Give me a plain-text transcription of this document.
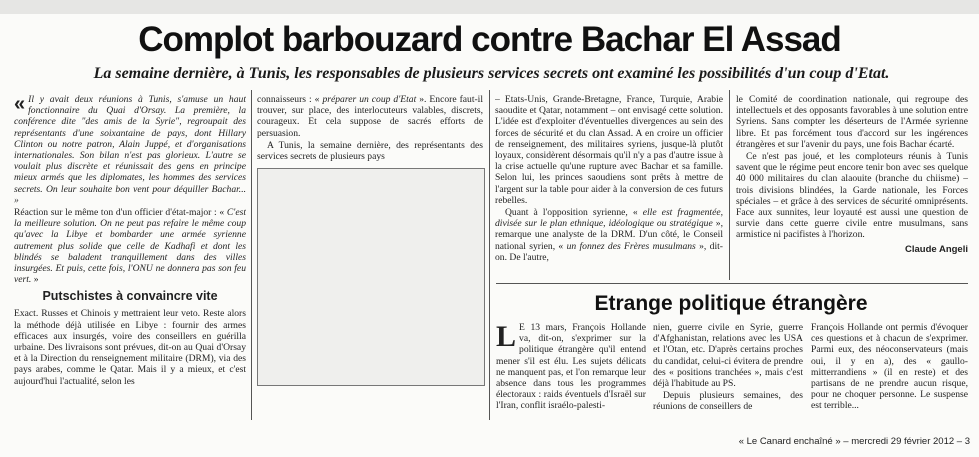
Complot barbouzard contre Bachar El Assad
La semaine dernière, à Tunis, les responsables de plusieurs services secrets ont examiné les possibilités d'un coup d'Etat.

« Il y avait deux réunions à Tunis, s'amuse un haut fonctionnaire du Quai d'Orsay. La première, la conférence dite "des amis de la Syrie", regroupait des représentants d'une soixantaine de pays, dont Hillary Clinton ou notre patron, Alain Juppé, et d'organisations internationales. Son bilan n'est pas glorieux. L'autre se voulait plus discrète et réunissait des gens en principe mieux armés que les diplomates, les hommes des services secrets. On leur souhaite bon vent pour déquiller Bachar... »

Réaction sur le même ton d'un officier d'état-major : « C'est la meilleure solution. On ne peut pas refaire le même coup qu'avec la Libye et bombarder une armée syrienne autrement plus solide que celle de Kadhafi et dont les blindés se baladent tranquillement dans des villes insurgées. Et puis, cette fois, l'ONU ne donnera pas son feu vert. »

Putschistes à convaincre vite

Exact. Russes et Chinois y mettraient leur veto. Reste alors la méthode déjà utilisée en Libye : fournir des armes efficaces aux insurgés, voire des conseillers en guérilla urbaine. Des livraisons sont prévues, dit-on au Quai d'Orsay et à la Direction du renseignement militaire (DRM), via des pays arabes, comme le Qatar. Mais il y a mieux, et c'est aujourd'hui l'actualité, selon les

connaisseurs : « préparer un coup d'Etat ». Encore faut-il trouver, sur place, des interlocuteurs valables, discrets, courageux. Et cela suppose de sacrés efforts de persuasion.

A Tunis, la semaine dernière, des représentants des services secrets de plusieurs pays

– Etats-Unis, Grande-Bretagne, France, Turquie, Arabie saoudite et Qatar, notamment – ont envisagé cette solution. L'idée est d'exploiter d'éventuelles divergences au sein des forces de sécurité et du clan Assad. A en croire un officier de renseignement, des militaires syriens, jusque-là plutôt loyaux, considèrent désormais qu'il n'y a pas d'autre issue à la crise actuelle qu'une rupture avec Bachar et sa famille. Selon lui, les princes saoudiens sont prêts à mettre de l'argent sur la table pour aider à la conversion de ces futurs rebelles.

Quant à l'opposition syrienne, « elle est fragmentée, divisée sur le plan ethnique, idéologique ou stratégique », remarque une analyste de la DRM. D'un côté, le Conseil national syrien, « un fonnez des Frères musulmans », dit-on. De l'autre,

le Comité de coordination nationale, qui regroupe des intellectuels et des opposants favorables à une solution entre Syriens. Sans compter les déserteurs de l'Armée syrienne libre. Et pas forcément tous d'accord sur les ingérences étrangères et sur l'avenir du pays, une fois Bachar écarté.

Ce n'est pas joué, et les comploteurs réunis à Tunis savent que le régime peut encore tenir bon avec ses quelque 40 000 militaires du clan alaouite (branche du chiisme) – trois divisions blindées, la Garde nationale, les Forces spéciales – et grâce à des services de sécurité omniprésents. Face aux sunnites, leur loyauté est aussi une question de survie dans cette guerre civile entre musulmans, sans armistice ni pacifistes à l'horizon.

Claude Angeli
Etrange politique étrangère

L E 13 mars, François Hollande va, dit-on, s'exprimer sur la politique étrangère qu'il entend mener s'il est élu. Les sujets délicats ne manquent pas, et l'on remarque leur absence dans tous les programmes électoraux : raids éventuels d'Israël sur l'Iran, conflit israélo-palesti-

nien, guerre civile en Syrie, guerre d'Afghanistan, relations avec les USA et l'Otan, etc. D'après certains proches du candidat, celui-ci évitera de prendre des « positions tranchées », mais c'est déjà l'habitude au PS.

Depuis plusieurs semaines, des réunions de conseillers de

François Hollande ont permis d'évoquer ces questions et à chacun de s'exprimer. Parmi eux, des néoconservateurs (mais oui, il y en a), des « gaullo-mitterrandiens » (il en reste) et des partisans de ne prendre aucun risque, pour ne choquer personne. Le suspense est terrible...

« Le Canard enchaîné » – mercredi 29 février 2012 – 3
